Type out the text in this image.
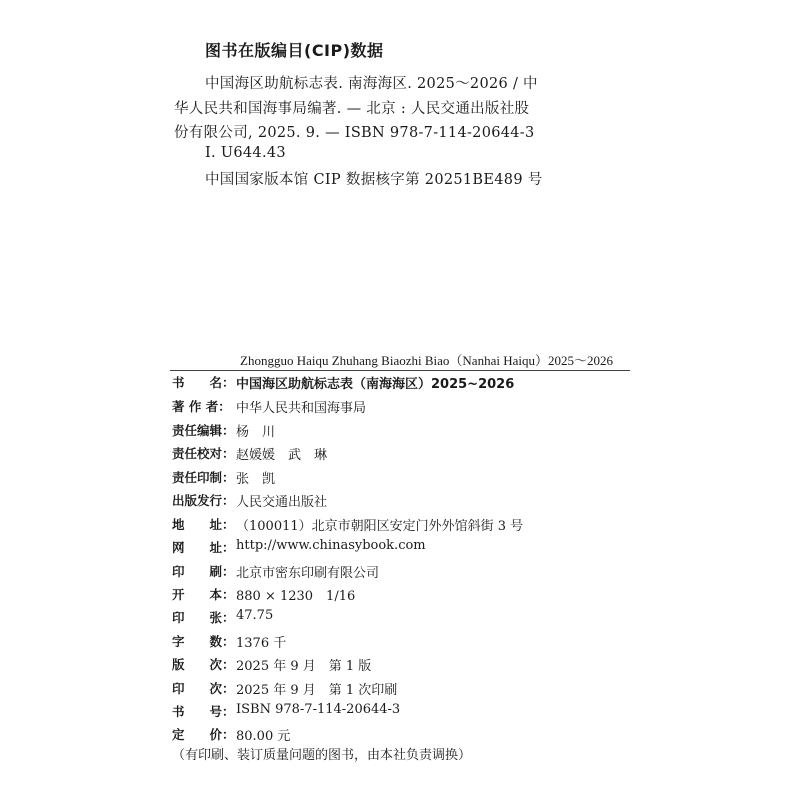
图书在版编目(CIP)数据
中国海区助航标志表. 南海海区. 2025～2026 / 中
华人民共和国海事局编著. — 北京 : 人民交通出版社股
份有限公司, 2025. 9. — ISBN 978-7-114-20644-3
Ⅰ. U644.43
中国国家版本馆 CIP 数据核字第 20251BE489 号
Zhongguo Haiqu Zhuhang Biaozhi Biao（Nanhai Haiqu）2025～2026
书　　名： 中国海区助航标志表（南海海区）2025~2026
著 作 者： 中华人民共和国海事局
责任编辑： 杨　川
责任校对： 赵媛媛　武　琳
责任印制： 张　凯
出版发行： 人民交通出版社
地　　址： （100011）北京市朝阳区安定门外外馆斜街 3 号
网　　址： http://www.chinasybook.com
印　　刷： 北京市密东印刷有限公司
开　　本： 880 × 1230　1/16
印　　张： 47.75
字　　数： 1376 千
版　　次： 2025 年 9 月　第 1 版
印　　次： 2025 年 9 月　第 1 次印刷
书　　号： ISBN 978-7-114-20644-3
定　　价： 80.00 元
（有印刷、装订质量问题的图书，由本社负责调换）
